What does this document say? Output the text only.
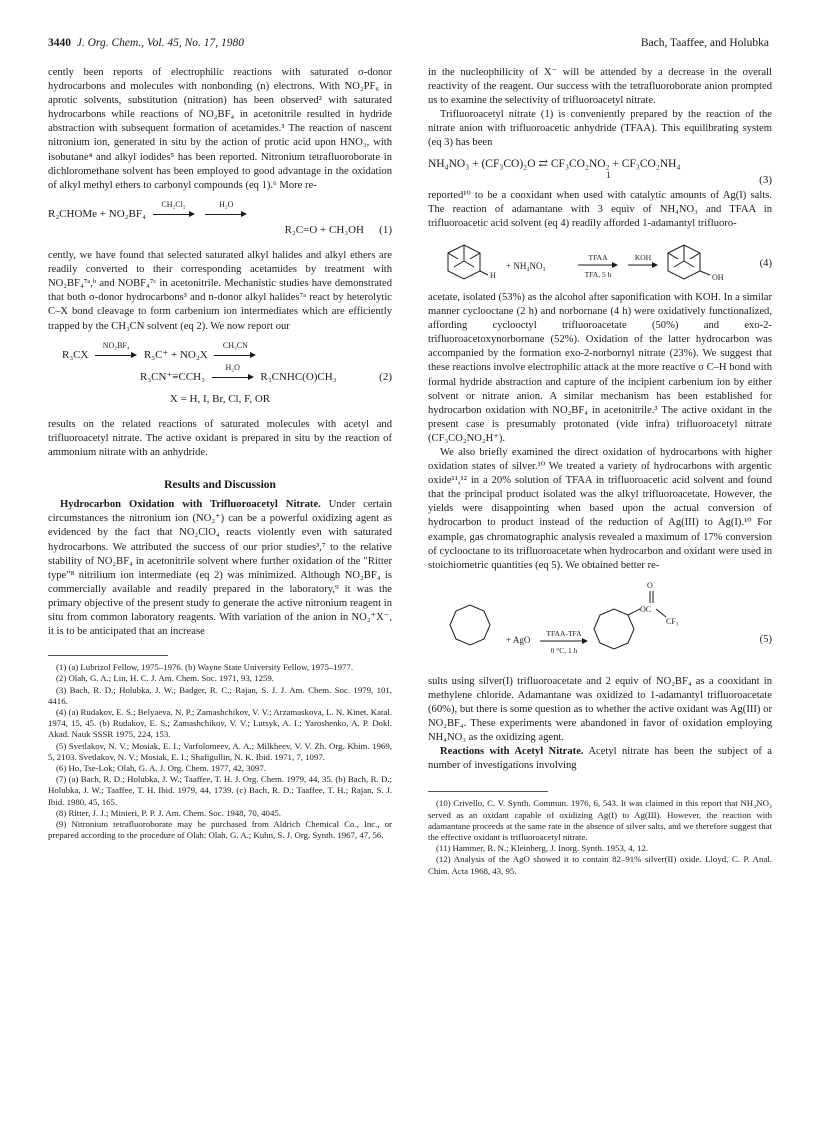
3440 J. Org. Chem., Vol. 45, No. 17, 1980	Bach, Taaffee, and Holubka

cently been reports of electrophilic reactions with saturated σ-donor hydrocarbons and molecules with nonbonding (n) electrons. With NO₂PF₆ in aprotic solvents, substitution (nitration) has been observed² with saturated hydrocarbons while reactions of NO₂BF₄ in acetonitrile resulted in hydride abstraction with subsequent formation of acetamides.³ The reaction of nascent nitronium ion, generated in situ by the action of protic acid upon HNO₃, with isobutane⁴ and alkyl iodides⁵ has been reported. Nitronium tetrafluoroborate in dichloromethane solvent has been employed to good advantage in the oxidation of alkyl methyl ethers to carbonyl compounds (eq 1).⁶ More re-

R₂CHOMe + NO₂BF₄
CH₂Cl₂
	H₂O
R₂C=O + CH₃OH	(1)

cently, we have found that selected saturated alkyl halides and alkyl ethers are readily converted to their corresponding acetamides by treatment with NO₂BF₄⁷ᵃ,ᵇ and NOBF₄⁷ᶜ in acetonitrile. Mechanistic studies have demonstrated that both σ-donor hydrocarbons³ and n-donor alkyl halides⁷ᵃ react by heterolytic C–X bond cleavage to form carbenium ion intermediates which are efficiently trapped by the CH₃CN solvent (eq 2). We now report our

R₃CX
NO₂BF₄
R₃C⁺ + NO₂X
CH₃CN
R₃CN⁺≡CCH₃
H₂O
R₃CNHC(O)CH₃	(2)
X = H, I, Br, Cl, F, OR

results on the related reactions of saturated molecules with acetyl and trifluoroacetyl nitrate. The active oxidant is prepared in situ by the reaction of ammonium nitrate with an anhydride.

Results and Discussion

Hydrocarbon Oxidation with Trifluoroacetyl Nitrate. Under certain circumstances the nitronium ion (NO₂⁺) can be a powerful oxidizing agent as evidenced by the fact that NO₂ClO₄ reacts violently even with saturated hydrocarbons. We attributed the success of our prior studies³,⁷ to the relative stability of NO₂BF₄ in acetonitrile solvent where further oxidation of the "Ritter type"⁸ nitrilium ion intermediate (eq 2) was minimized. Although NO₂BF₄ is commercially available and readily prepared in the laboratory,⁹ it was the primary objective of the present study to generate the active nitronium reagent in situ from common laboratory reagents. With variation of the anion in NO₂⁺X⁻, it is to be anticipated that an increase

(1) (a) Lubrizol Fellow, 1975–1976. (b) Wayne State University Fellow, 1975–1977.

(2) Olah, G. A.; Lin, H. C. J. Am. Chem. Soc. 1971, 93, 1259.

(3) Bach, R. D.; Holubka, J. W.; Badger, R. C.; Rajan, S. J. J. Am. Chem. Soc. 1979, 101, 4416.

(4) (a) Rudakov, E. S.; Belyaeva, N. P.; Zamashchikov, V. V.; Arzamaskova, L. N. Kinet. Katal. 1974, 15, 45. (b) Rudakov, E. S.; Zamashchikov, V. V.; Lutsyk, A. I.; Yaroshenko, A. P. Dokl. Akad. Nauk SSSR 1975, 224, 153.

(5) Svetlakov, N. V.; Mosiak, E. I.; Varfolomeev, A. A.; Milkheev, V. V. Zh. Org. Khim. 1969, 5, 2103. Svetlakov, N. V.; Mosiak, E. I.; Shafigullin, N. K. Ibid. 1971, 7, 1097.

(6) Ho, Tse-Lok; Olah, G. A. J. Org. Chem. 1977, 42, 3097.

(7) (a) Bach, R. D.; Holubka, J. W.; Taaffee, T. H. J. Org. Chem. 1979, 44, 35. (b) Bach, R. D.; Holubka, J. W.; Taaffee, T. H. Ibid. 1979, 44, 1739. (c) Bach, R. D.; Taaffee, T. H.; Rajan, S. J. Ibid. 1980, 45, 165.

(8) Ritter, J. J.; Minieri, P. P. J. Am. Chem. Soc. 1948, 70, 4045.

(9) Nitronium tetrafluoroborate may be purchased from Aldrich Chemical Co., Inc., or prepared according to the procedure of Olah: Olah, G. A.; Kuhn, S. J. Org. Synth. 1967, 47, 56.

in the nucleophilicity of X⁻ will be attended by a decrease in the overall reactivity of the reagent. Our success with the tetrafluoroborate anion prompted us to examine the selectivity of trifluoroacetyl nitrate.

Trifluoroacetyl nitrate (1) is conveniently prepared by the reaction of the nitrate anion with trifluoroacetic anhydride (TFAA). This equilibrating system (eq 3) has been

NH₄NO₃ + (CF₃CO)₂O ⇄ CF₃CO₂NO₂ + CF₃CO₂NH₄
1	(3)

reported¹⁰ to be a cooxidant when used with catalytic amounts of Ag(I) salts. The reaction of adamantane with 3 equiv of NH₄NO₃ and TFAA in trifluoroacetic acid solvent (eq 4) readily afforded 1-adamantyl trifluoro-

H
+ NH₄NO₃
TFAA
TFA, 5 h
KOH
OH
(4)

acetate, isolated (53%) as the alcohol after saponification with KOH. In a similar manner cyclooctane (2 h) and norbornane (4 h) were oxidatively functionalized, affording cyclooctyl trifluoroacetate (50%) and exo-2-trifluoroacetoxynorbornane (52%). Oxidation of the latter hydrocarbon was accompanied by the formation exo-2-norbornyl nitrate (23%). We suggest that these reactions involve electrophilic attack at the more reactive σ C–H bond with formal hydride abstraction and capture of the incipient carbenium ion by either solvent or nitrate anion. A similar mechanism has been established for hydrocarbon oxidation with NO₂BF₄ in acetonitrile.³ The active oxidant in the present case is presumably protonated (vide infra) trifluoroacetyl nitrate (CF₃CO₂NO₂H⁺).

We also briefly examined the direct oxidation of hydrocarbons with higher oxidation states of silver.¹⁰ We treated a variety of hydrocarbons with argentic oxide¹¹,¹² in a 20% solution of TFAA in trifluoroacetic acid solvent and found that the principal product isolated was the alkyl trifluoroacetate. However, the yields were disappointing when based upon the actual conversion of hydrocarbon to product instead of the reduction of Ag(III) to Ag(I).¹⁰ For example, gas chromatographic analysis revealed a maximum of 17% conversion of cyclooctane to its trifluoroacetate when hydrocarbon and oxidant were used in stoichiometric quantities (eq 5). We obtained better re-

+ AgO
TFAA-TFA
0 °C, 1 h
O
OC
CF₃
(5)

sults using silver(I) trifluoroacetate and 2 equiv of NO₂BF₄ as a cooxidant in methylene chloride. Adamantane was oxidized to 1-adamantyl trifluoroacetate (60%), but there is some question as to whether the active oxidant was Ag(III) or NO₂BF₄. These experiments were abandoned in favor of oxidation employing NH₄NO₃ as the oxidizing agent.

Reactions with Acetyl Nitrate. Acetyl nitrate has been the subject of a number of investigations involving

(10) Crivello, C. V. Synth. Commun. 1976, 6, 543. It was claimed in this report that NH₄NO₃ served as an oxidant capable of oxidizing Ag(I) to Ag(III). However, the reaction with adamantane proceeds at the same rate in the absence of silver salts, and we therefore suggest that the effective oxidant is trifluoroacetyl nitrate.

(11) Hammer, R. N.; Kleinberg, J. Inorg. Synth. 1953, 4, 12.

(12) Analysis of the AgO showed it to contain 82–91% silver(II) oxide. Lloyd, C. P. Anal. Chim. Acta 1968, 43, 95.
